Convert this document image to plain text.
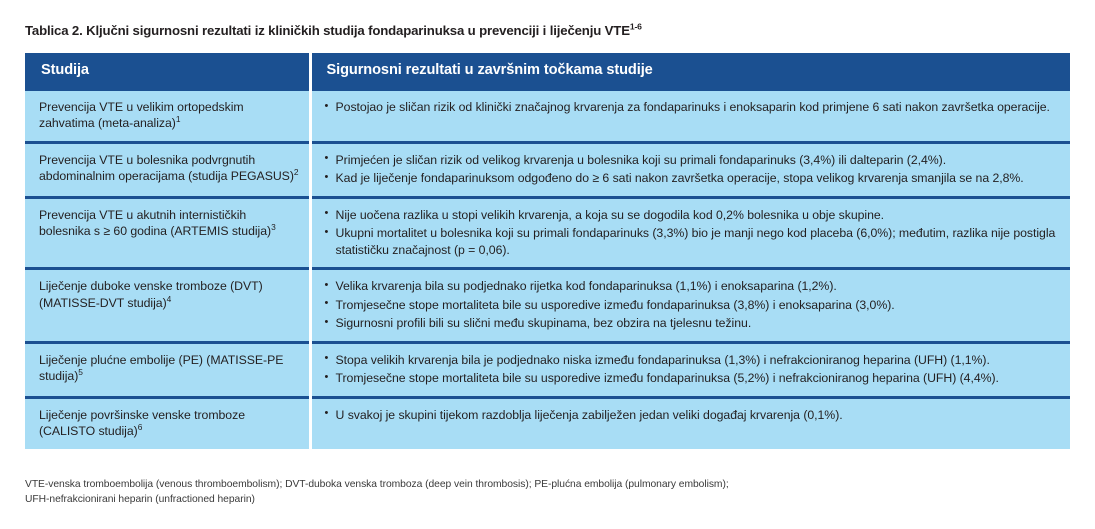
Tablica 2. Ključni sigurnosni rezultati iz kliničkih studija fondaparinuksa u prevenciji i liječenju VTE$^{1-6}$
Studija	Sigurnosni rezultati u završnim točkama studije
Prevencija VTE u velikim ortopedskim zahvatima (meta-analiza)$^1$	
• Postojao je sličan rizik od klinički značajnog krvarenja za fondaparinuks i enoksaparin kod primjene 6 sati nakon završetka operacije.

Prevencija VTE u bolesnika podvrgnutih abdominalnim operacijama (studija PEGASUS)$^2$	
• Primjećen je sličan rizik od velikog krvarenja u bolesnika koji su primali fondaparinuks (3,4%) ili dalteparin (2,4%).
• Kad je liječenje fondaparinuksom odgođeno do ≥ 6 sati nakon završetka operacije, stopa velikog krvarenja smanjila se na 2,8%.

Prevencija VTE u akutnih internističkih bolesnika s ≥ 60 godina (ARTEMIS studija)$^3$	
• Nije uočena razlika u stopi velikih krvarenja, a koja su se dogodila kod 0,2% bolesnika u obje skupine.
• Ukupni mortalitet u bolesnika koji su primali fondaparinuks (3,3%) bio je manji nego kod placeba (6,0%); međutim, razlika nije postigla statističku značajnost (p = 0,06).

Liječenje duboke venske tromboze (DVT) (MATISSE-DVT studija)$^4$	
• Velika krvarenja bila su podjednako rijetka kod fondaparinuksa (1,1%) i enoksaparina (1,2%).
• Tromjesečne stope mortaliteta bile su usporedive između fondaparinuksa (3,8%) i enoksaparina (3,0%).
• Sigurnosni profili bili su slični među skupinama, bez obzira na tjelesnu težinu.

Liječenje plućne embolije (PE) (MATISSE-PE studija)$^5$	
• Stopa velikih krvarenja bila je podjednako niska između fondaparinuksa (1,3%) i nefrakcioniranog heparina (UFH) (1,1%).
• Tromjesečne stope mortaliteta bile su usporedive između fondaparinuksa (5,2%) i nefrakcioniranog heparina (UFH) (4,4%).

Liječenje površinske venske tromboze (CALISTO studija)$^6$	
• U svakoj je skupini tijekom razdoblja liječenja zabilježen jedan veliki događaj krvarenja (0,1%).
VTE-venska tromboembolija (venous thromboembolism); DVT-duboka venska tromboza (deep vein thrombosis); PE-plućna embolija (pulmonary embolism);
UFH-nefrakcionirani heparin (unfractioned heparin)
